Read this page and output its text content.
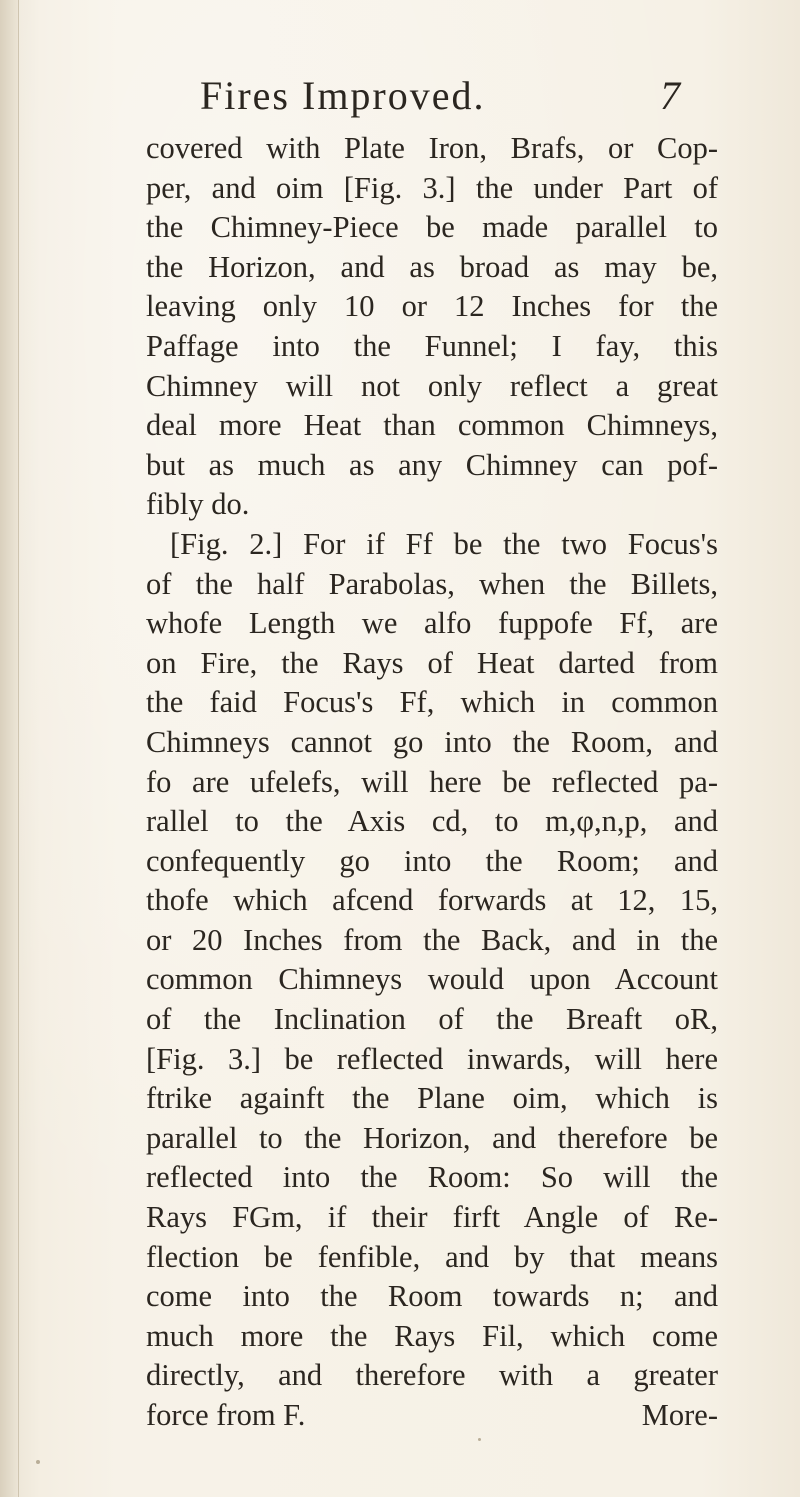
Fires Improved.	7
covered with Plate Iron, Brafs, or Cop-
per, and oim [Fig. 3.] the under Part of
the Chimney-Piece be made parallel to
the Horizon, and as broad as may be,
leaving only 10 or 12 Inches for the
Paffage into the Funnel; I fay, this
Chimney will not only reflect a great
deal more Heat than common Chimneys,
but as much as any Chimney can pof-
fibly do.
[Fig. 2.] For if Ff be the two Focus's
of the half Parabolas, when the Billets,
whofe Length we alfo fuppofe Ff, are
on Fire, the Rays of Heat darted from
the faid Focus's Ff, which in common
Chimneys cannot go into the Room, and
fo are ufelefs, will here be reflected pa-
rallel to the Axis cd, to m,φ,n,p, and
confequently go into the Room; and
thofe which afcend forwards at 12, 15,
or 20 Inches from the Back, and in the
common Chimneys would upon Account
of the Inclination of the Breaft oR,
[Fig. 3.] be reflected inwards, will here
ftrike againft the Plane oim, which is
parallel to the Horizon, and therefore be
reflected into the Room: So will the
Rays FGm, if their firft Angle of Re-
flection be fenfible, and by that means
come into the Room towards n; and
much more the Rays Fil, which come
directly, and therefore with a greater
force from F.	More-
